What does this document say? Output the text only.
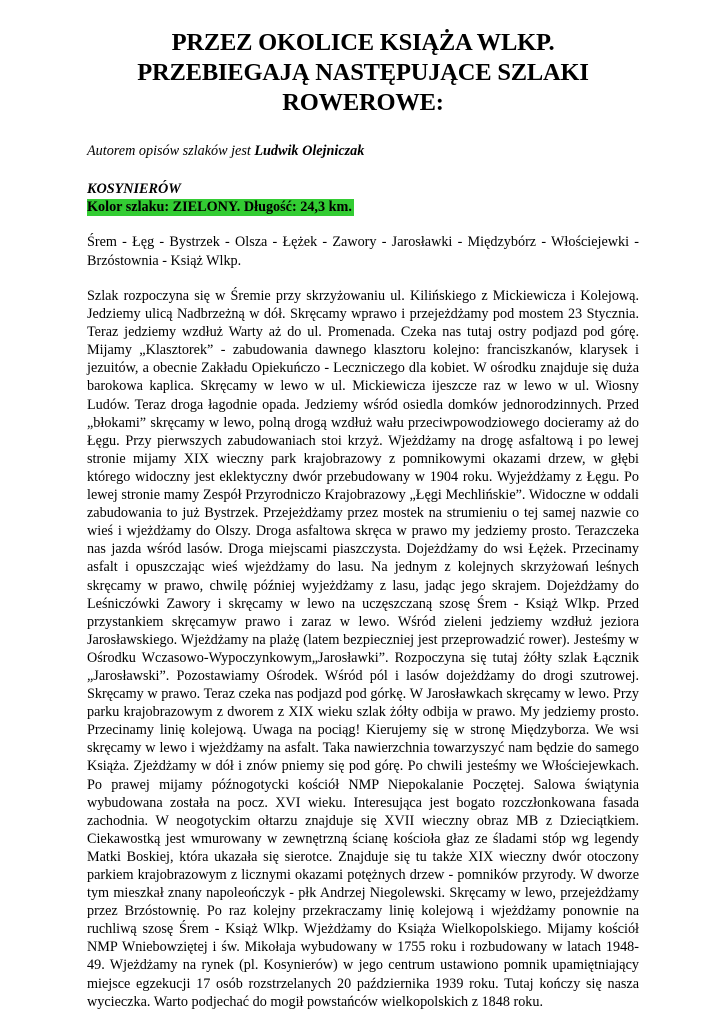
PRZEZ OKOLICE KSIĄŻA WLKP.
PRZEBIEGAJĄ NASTĘPUJĄCE SZLAKI
ROWEROWE:
Autorem opisów szlaków jest Ludwik Olejniczak
KOSYNIERÓW
Kolor szlaku: ZIELONY. Długość: 24,3 km.
Śrem - Łęg - Bystrzek - Olsza - Łężek - Zawory - Jarosławki - Międzybórz - Włościejewki - Brzóstownia - Książ Wlkp.
Szlak rozpoczyna się w Śremie przy skrzyżowaniu ul. Kilińskiego z Mickiewicza i Kolejową. Jedziemy ulicą Nadbrzeżną w dół. Skręcamy wprawo i przejeżdżamy pod mostem 23 Stycznia. Teraz jedziemy wzdłuż Warty aż do ul. Promenada. Czeka nas tutaj ostry podjazd pod górę. Mijamy „Klasztorek” - zabudowania dawnego klasztoru kolejno: franciszkanów, klarysek i jezuitów, a obecnie Zakładu Opiekuńczo - Leczniczego dla kobiet. W ośrodku znajduje się duża barokowa kaplica. Skręcamy w lewo w ul. Mickiewicza ijeszcze raz w lewo w ul. Wiosny Ludów. Teraz droga łagodnie opada. Jedziemy wśród osiedla domków jednorodzinnych. Przed „błokami” skręcamy w lewo, polną drogą wzdłuż wału przeciwpowodziowego docieramy aż do Łęgu. Przy pierwszych zabudowaniach stoi krzyż. Wjeżdżamy na drogę asfaltową i po lewej stronie mijamy XIX wieczny park krajobrazowy z pomnikowymi okazami drzew, w głębi którego widoczny jest eklektyczny dwór przebudowany w 1904 roku. Wyjeżdżamy z Łęgu. Po lewej stronie mamy Zespół Przyrodniczo Krajobrazowy „Łęgi Mechlińskie”. Widoczne w oddali zabudowania to już Bystrzek. Przejeżdżamy przez mostek na strumieniu o tej samej nazwie co wieś i wjeżdżamy do Olszy. Droga asfaltowa skręca w prawo my jedziemy prosto. Terazczeka nas jazda wśród lasów. Droga miejscami piaszczysta. Dojeżdżamy do wsi Łężek. Przecinamy asfalt i opuszczając wieś wjeżdżamy do lasu. Na jednym z kolejnych skrzyżowań leśnych skręcamy w prawo, chwilę później wyjeżdżamy z lasu, jadąc jego skrajem. Dojeżdżamy do Leśniczówki Zawory i skręcamy w lewo na uczęszczaną szosę Śrem - Książ Wlkp. Przed przystankiem skręcamyw prawo i zaraz w lewo. Wśród zieleni jedziemy wzdłuż jeziora Jarosławskiego. Wjeżdżamy na plażę (latem bezpieczniej jest przeprowadzić rower). Jesteśmy w Ośrodku Wczasowo-Wypoczynkowym„Jarosławki”. Rozpoczyna się tutaj żółty szlak Łącznik „Jarosławski”. Pozostawiamy Ośrodek. Wśród pól i lasów dojeżdżamy do drogi szutrowej. Skręcamy w prawo. Teraz czeka nas podjazd pod górkę. W Jarosławkach skręcamy w lewo. Przy parku krajobrazowym z dworem z XIX wieku szlak żółty odbija w prawo. My jedziemy prosto. Przecinamy linię kolejową. Uwaga na pociąg! Kierujemy się w stronę Międzyborza. We wsi skręcamy w lewo i wjeżdżamy na asfalt. Taka nawierzchnia towarzyszyć nam będzie do samego Książa. Zjeżdżamy w dół i znów pniemy się pod górę. Po chwili jesteśmy we Włościejewkach. Po prawej mijamy późnogotycki kościół NMP Niepokalanie Poczętej. Salowa świątynia wybudowana została na pocz. XVI wieku. Interesująca jest bogato rozczłonkowana fasada zachodnia. W neogotyckim ołtarzu znajduje się XVII wieczny obraz MB z Dzieciątkiem. Ciekawostką jest wmurowany w zewnętrzną ścianę kościoła głaz ze śladami stóp wg legendy Matki Boskiej, która ukazała się sierotce. Znajduje się tu także XIX wieczny dwór otoczony parkiem krajobrazowym z licznymi okazami potężnych drzew - pomników przyrody. W dworze tym mieszkał znany napoleończyk - płk Andrzej Niegolewski. Skręcamy w lewo, przejeżdżamy przez Brzóstownię. Po raz kolejny przekraczamy linię kolejową i wjeżdżamy ponownie na ruchliwą szosę Śrem - Książ Wlkp. Wjeżdżamy do Książa Wielkopolskiego. Mijamy kościół NMP Wniebowziętej i św. Mikołaja wybudowany w 1755 roku i rozbudowany w latach 1948-49. Wjeżdżamy na rynek (pl. Kosynierów) w jego centrum ustawiono pomnik upamiętniający miejsce egzekucji 17 osób rozstrzelanych 20 października 1939 roku. Tutaj kończy się nasza wycieczka. Warto podjechać do mogił powstańców wielkopolskich z 1848 roku.
